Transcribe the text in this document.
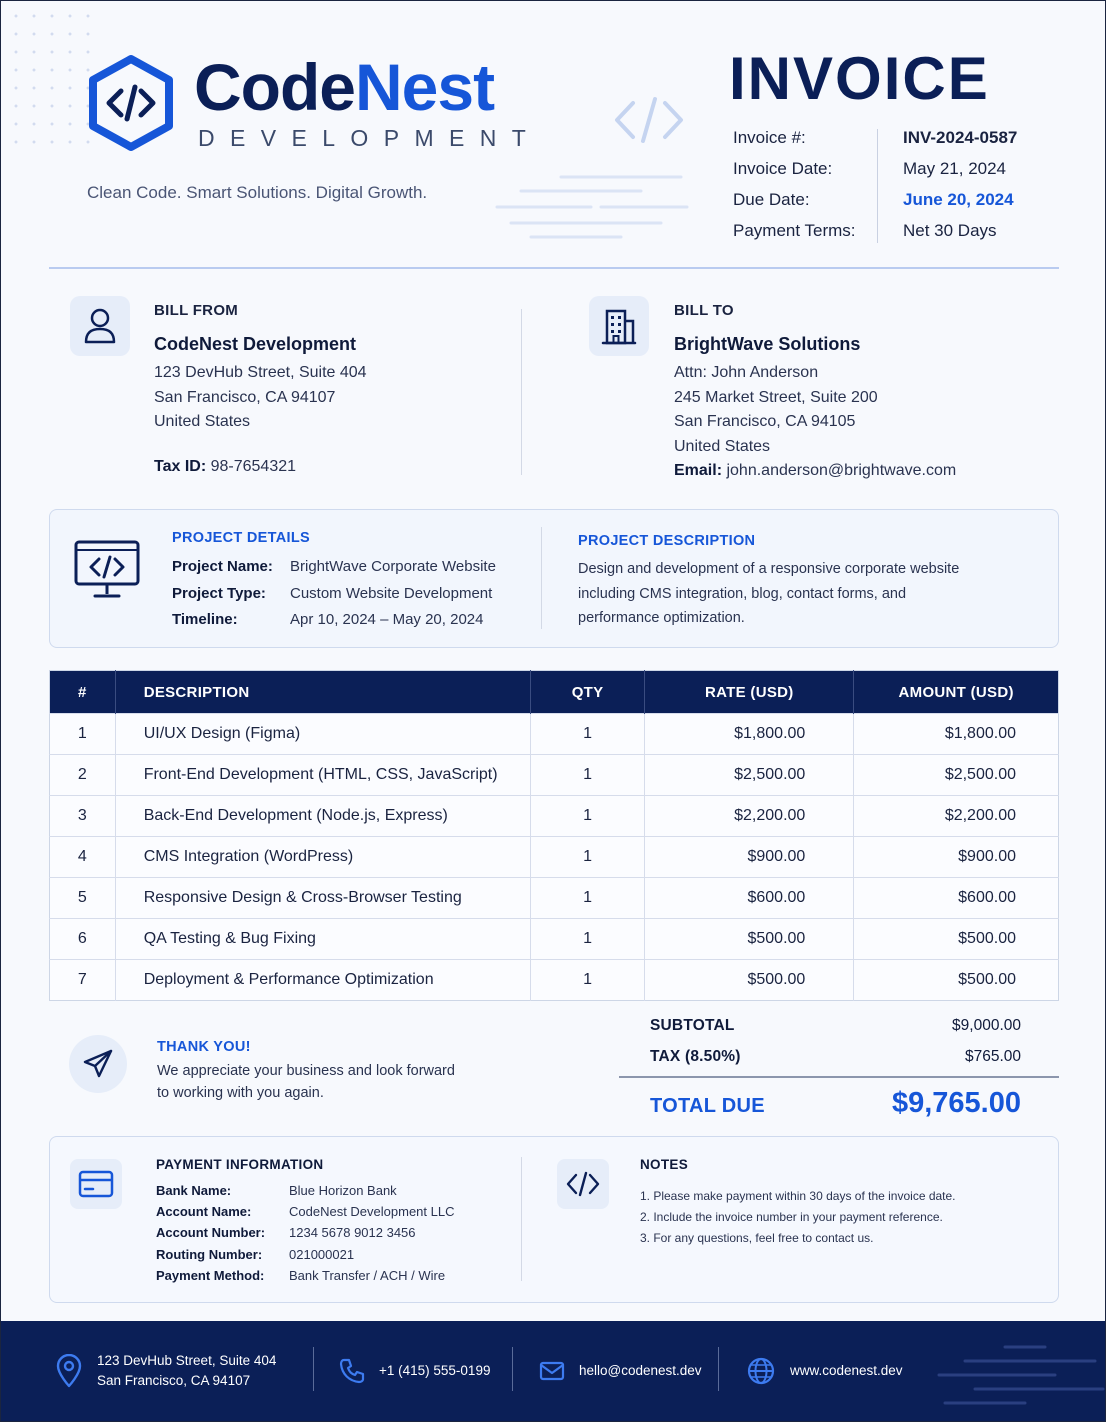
CodeNest
DEVELOPMENT
Clean Code. Smart Solutions. Digital Growth.
INVOICE
Invoice #:	INV-2024-0587
Invoice Date:	May 21, 2024
Due Date:	June 20, 2024
Payment Terms:	Net 30 Days
BILL FROM
CodeNest Development
123 DevHub Street, Suite 404
San Francisco, CA 94107
United States
Tax ID: 98-7654321
BILL TO
BrightWave Solutions
Attn: John Anderson
245 Market Street, Suite 200
San Francisco, CA 94105
United States
Email: john.anderson@brightwave.com
PROJECT DETAILS
Project Name: BrightWave Corporate Website
Project Type: Custom Website Development
Timeline:	Apr 10, 2024 – May 20, 2024
PROJECT DESCRIPTION
Design and development of a responsive corporate website
including CMS integration, blog, contact forms, and
performance optimization.
#	DESCRIPTION	QTY	RATE (USD)	AMOUNT (USD)
1	UI/UX Design (Figma)	1	$1,800.00	$1,800.00
2	Front-End Development (HTML, CSS, JavaScript)	1	$2,500.00	$2,500.00
3	Back-End Development (Node.js, Express)	1	$2,200.00	$2,200.00
4	CMS Integration (WordPress)	1	$900.00	$900.00
5	Responsive Design & Cross-Browser Testing	1	$600.00	$600.00
6	QA Testing & Bug Fixing	1	$500.00	$500.00
7	Deployment & Performance Optimization	1	$500.00	$500.00
THANK YOU!
We appreciate your business and look forward
to working with you again.
SUBTOTAL	$9,000.00
TAX (8.50%)	$765.00
TOTAL DUE	$9,765.00
PAYMENT INFORMATION
Bank Name:	Blue Horizon Bank
Account Name:	CodeNest Development LLC
Account Number: 1234 5678 9012 3456
Routing Number: 021000021
Payment Method: Bank Transfer / ACH / Wire
NOTES
1. Please make payment within 30 days of the invoice date.
2. Include the invoice number in your payment reference.
3. For any questions, feel free to contact us.
123 DevHub Street, Suite 404
San Francisco, CA 94107
+1 (415) 555-0199	hello@codenest.dev	www.codenest.dev
